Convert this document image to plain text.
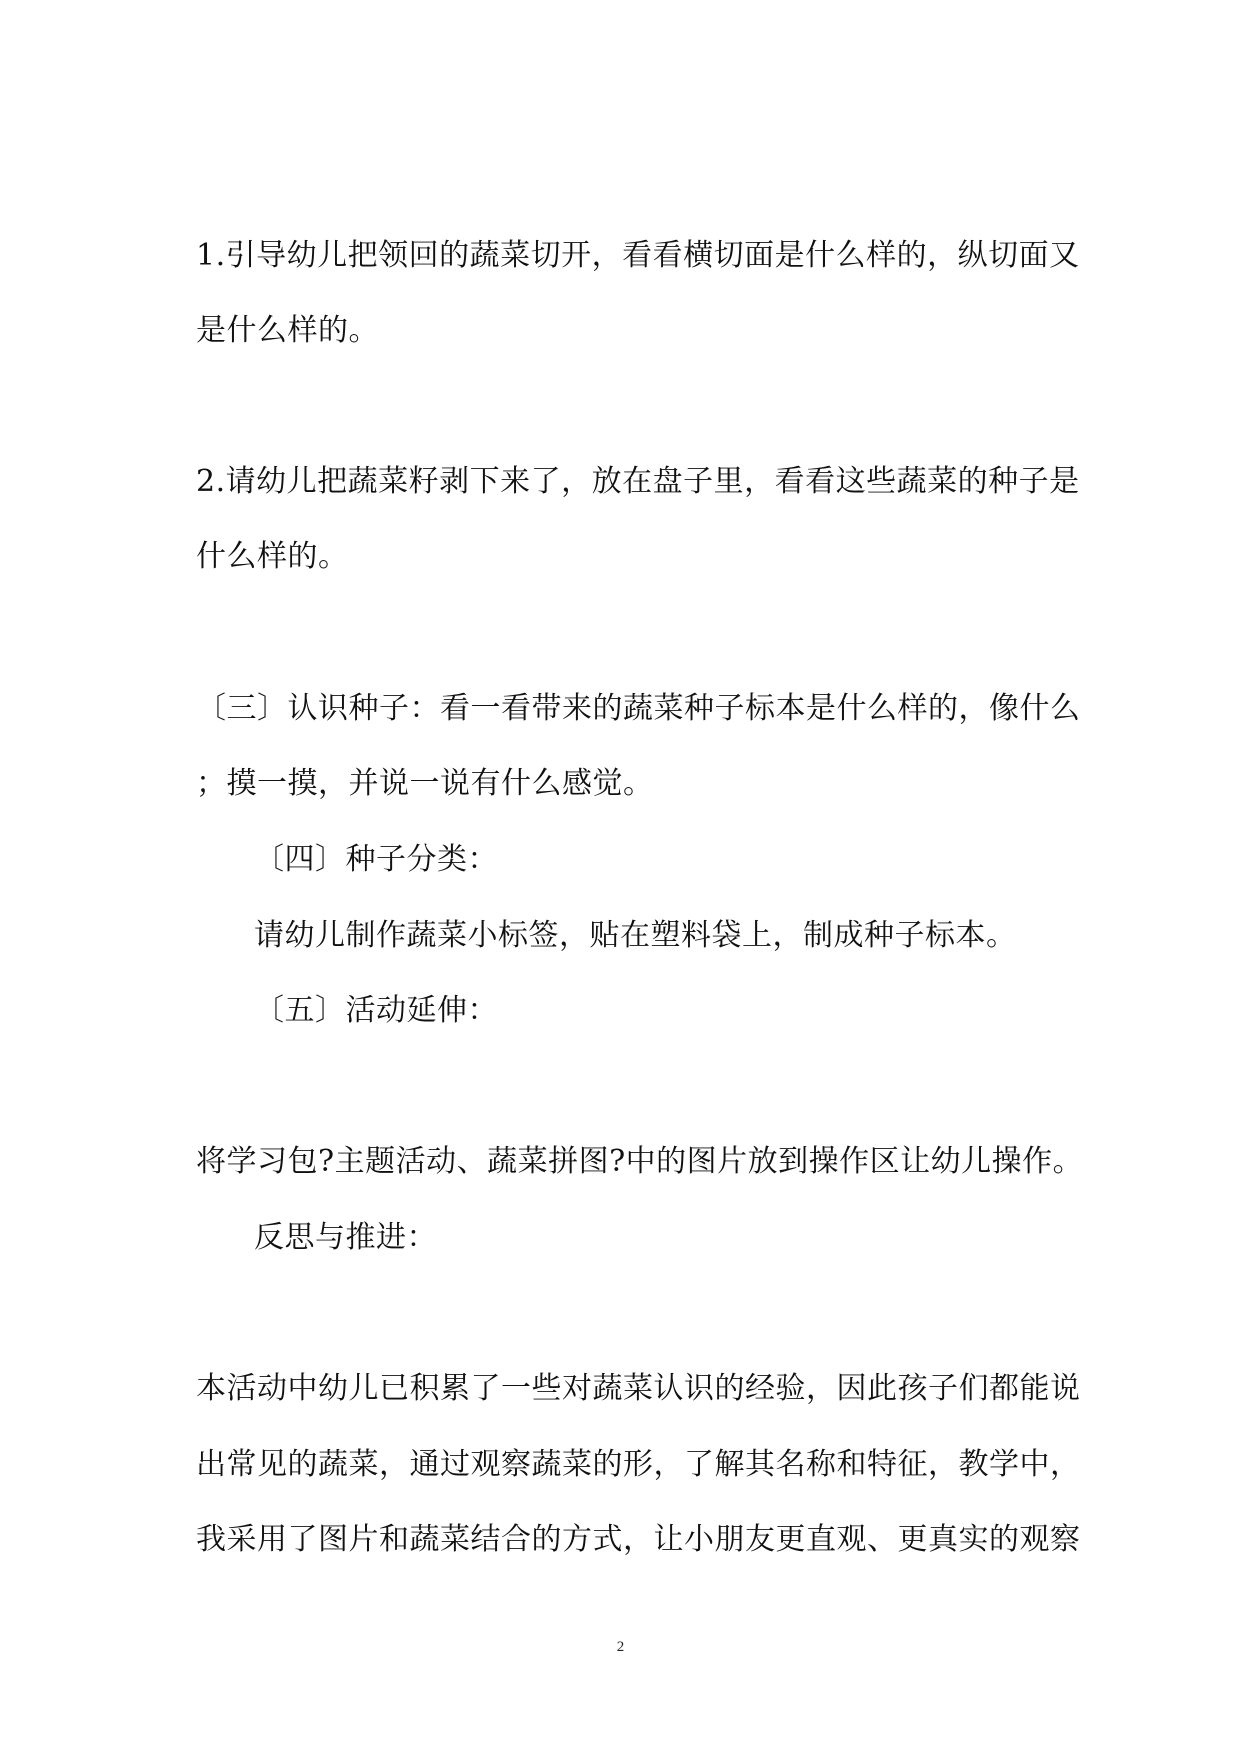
1.引导幼儿把领回的蔬菜切开，看看横切面是什么样的，纵切面又
是什么样的。
2.请幼儿把蔬菜籽剥下来了，放在盘子里，看看这些蔬菜的种子是
什么样的。
〔三〕认识种子：看一看带来的蔬菜种子标本是什么样的，像什么
；摸一摸，并说一说有什么感觉。
〔四〕种子分类：
请幼儿制作蔬菜小标签，贴在塑料袋上，制成种子标本。
〔五〕活动延伸：
将学习包?主题活动、蔬菜拼图?中的图片放到操作区让幼儿操作。
反思与推进：
本活动中幼儿已积累了一些对蔬菜认识的经验，因此孩子们都能说
出常见的蔬菜，通过观察蔬菜的形，了解其名称和特征，教学中，
我采用了图片和蔬菜结合的方式，让小朋友更直观、更真实的观察
2
